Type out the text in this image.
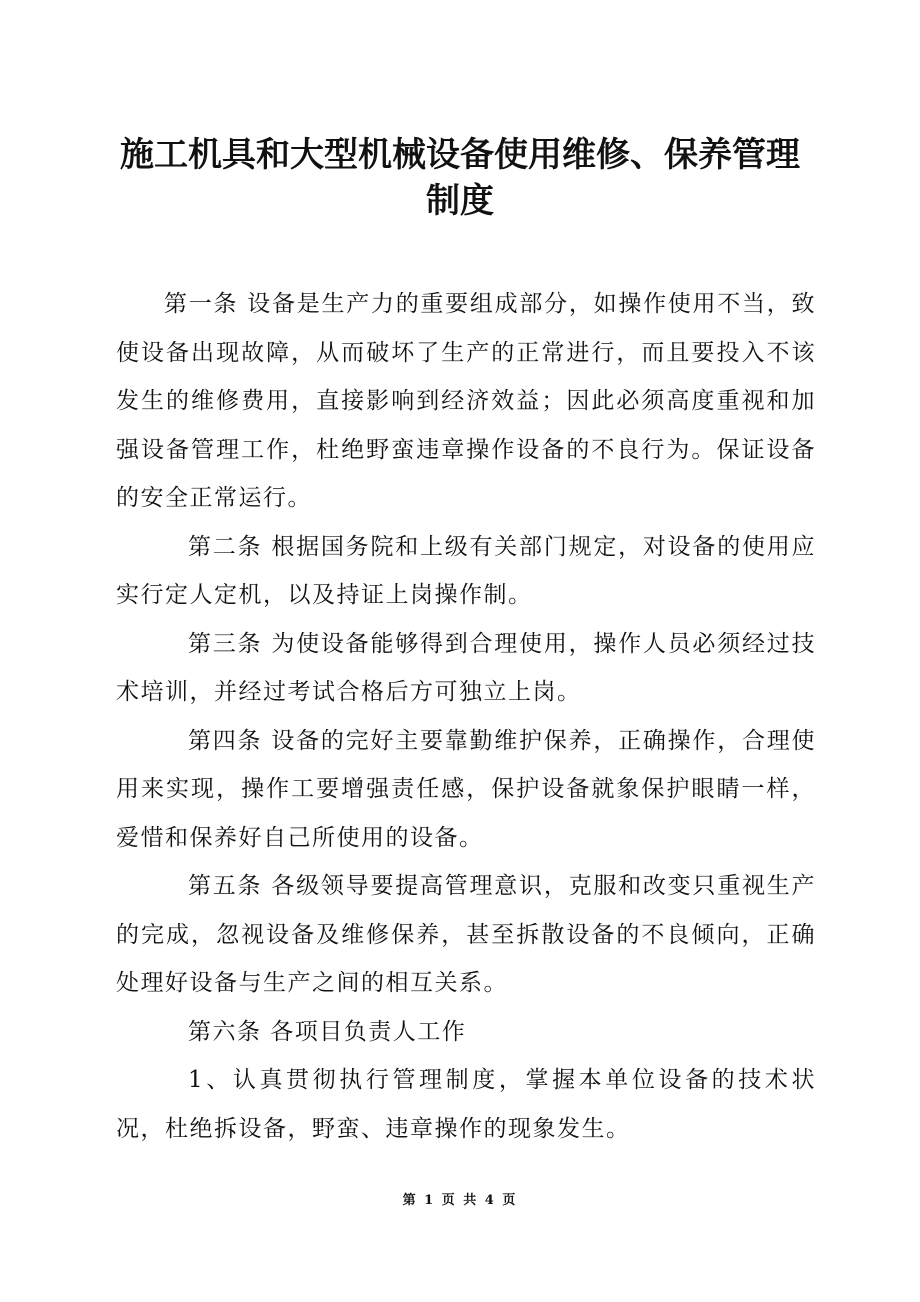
施工机具和大型机械设备使用维修、保养管理
制度

第一条 设备是生产力的重要组成部分，如操作使用不当，致使设备出现故障，从而破坏了生产的正常进行，而且要投入不该发生的维修费用，直接影响到经济效益；因此必须高度重视和加强设备管理工作，杜绝野蛮违章操作设备的不良行为。保证设备的安全正常运行。

第二条 根据国务院和上级有关部门规定，对设备的使用应实行定人定机，以及持证上岗操作制。

第三条 为使设备能够得到合理使用，操作人员必须经过技术培训，并经过考试合格后方可独立上岗。

第四条 设备的完好主要靠勤维护保养，正确操作，合理使用来实现，操作工要增强责任感，保护设备就象保护眼睛一样，爱惜和保养好自己所使用的设备。

第五条 各级领导要提高管理意识，克服和改变只重视生产的完成，忽视设备及维修保养，甚至拆散设备的不良倾向，正确处理好设备与生产之间的相互关系。

第六条 各项目负责人工作

1、认真贯彻执行管理制度，掌握本单位设备的技术状况，杜绝拆设备，野蛮、违章操作的现象发生。

第 1 页 共 4 页
